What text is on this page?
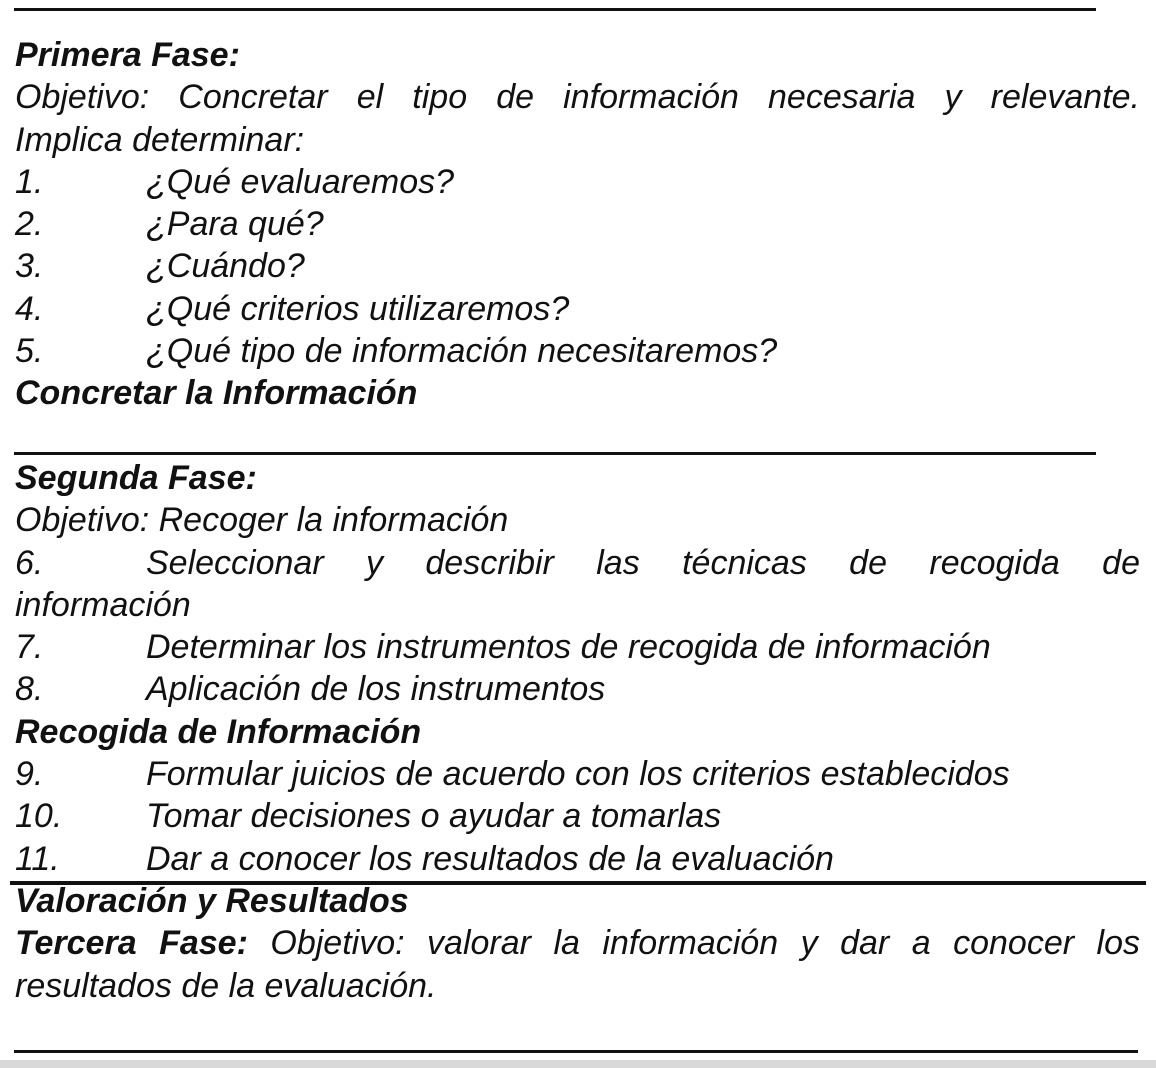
Primera Fase:
Objetivo: Concretar el tipo de información necesaria y relevante.
Implica determinar:
1.	¿Qué evaluaremos?
2.	¿Para qué?
3.	¿Cuándo?
4.	¿Qué criterios utilizaremos?
5.	¿Qué tipo de información necesitaremos?
Concretar la Información
Segunda Fase:
Objetivo: Recoger la información
6.	Seleccionar y describir las técnicas de recogida de
información
7.	Determinar los instrumentos de recogida de información
8.	Aplicación de los instrumentos
Recogida de Información
9.	Formular juicios de acuerdo con los criterios establecidos
10. Tomar decisiones o ayudar a tomarlas
11.	Dar a conocer los resultados de la evaluación
Valoración y Resultados
Tercera Fase: Objetivo: valorar la información y dar a conocer los
resultados de la evaluación.
